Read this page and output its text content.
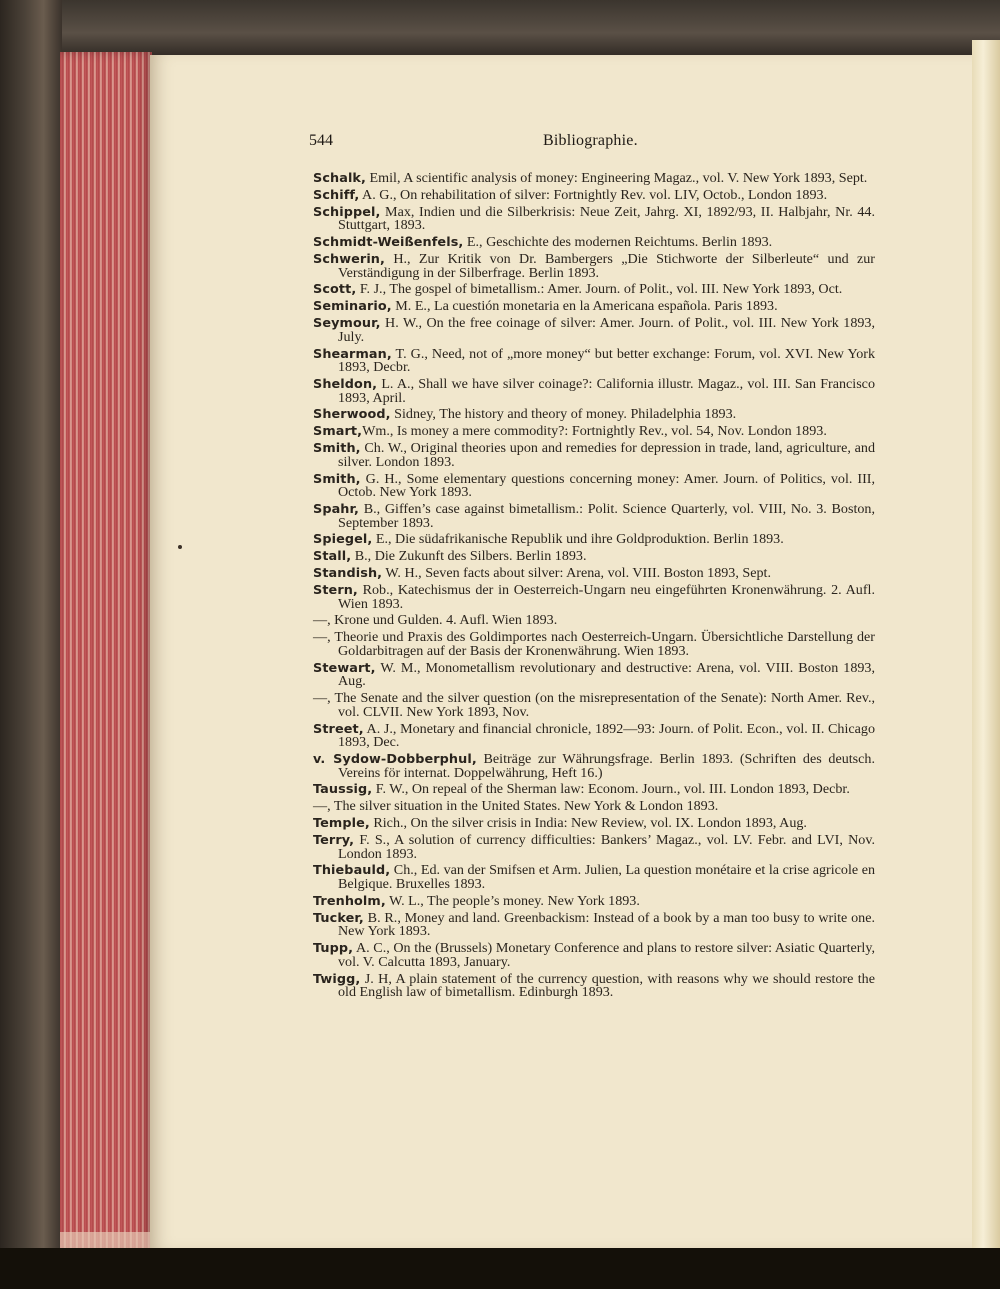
544	Bibliographie.
Schalk, Emil, A scientific analysis of money: Engineering Magaz., vol. V. New York 1893, Sept.
Schiff, A. G., On rehabilitation of silver: Fortnightly Rev. vol. LIV, Octob., London 1893.
Schippel, Max, Indien und die Silberkrisis: Neue Zeit, Jahrg. XI, 1892/93, II. Halbjahr, Nr. 44. Stuttgart, 1893.
Schmidt-Weißenfels, E., Geschichte des modernen Reichtums. Berlin 1893.
Schwerin, H., Zur Kritik von Dr. Bambergers „Die Stichworte der Silberleute“ und zur Verständigung in der Silberfrage. Berlin 1893.
Scott, F. J., The gospel of bimetallism.: Amer. Journ. of Polit., vol. III. New York 1893, Oct.
Seminario, M. E., La cuestión monetaria en la Americana española. Paris 1893.
Seymour, H. W., On the free coinage of silver: Amer. Journ. of Polit., vol. III. New York 1893, July.
Shearman, T. G., Need, not of „more money“ but better exchange: Forum, vol. XVI. New York 1893, Decbr.
Sheldon, L. A., Shall we have silver coinage?: California illustr. Magaz., vol. III. San Francisco 1893, April.
Sherwood, Sidney, The history and theory of money. Philadelphia 1893.
Smart,Wm., Is money a mere commodity?: Fortnightly Rev., vol. 54, Nov. London 1893.
Smith, Ch. W., Original theories upon and remedies for depression in trade, land, agriculture, and silver. London 1893.
Smith, G. H., Some elementary questions concerning money: Amer. Journ. of Politics, vol. III, Octob. New York 1893.
Spahr, B., Giffen’s case against bimetallism.: Polit. Science Quarterly, vol. VIII, No. 3. Boston, September 1893.
Spiegel, E., Die südafrikanische Republik und ihre Goldproduktion. Berlin 1893.
Stall, B., Die Zukunft des Silbers. Berlin 1893.
Standish, W. H., Seven facts about silver: Arena, vol. VIII. Boston 1893, Sept.
Stern, Rob., Katechismus der in Oesterreich-Ungarn neu eingeführten Kronenwährung. 2. Aufl. Wien 1893.
—, Krone und Gulden. 4. Aufl. Wien 1893.
—, Theorie und Praxis des Goldimportes nach Oesterreich-Ungarn. Übersichtliche Darstellung der Goldarbitragen auf der Basis der Kronenwährung. Wien 1893.
Stewart, W. M., Monometallism revolutionary and destructive: Arena, vol. VIII. Boston 1893, Aug.
—, The Senate and the silver question (on the misrepresentation of the Senate): North Amer. Rev., vol. CLVII. New York 1893, Nov.
Street, A. J., Monetary and financial chronicle, 1892—93: Journ. of Polit. Econ., vol. II. Chicago 1893, Dec.
v. Sydow-Dobberphul, Beiträge zur Währungsfrage. Berlin 1893. (Schriften des deutsch. Vereins för internat. Doppelwährung, Heft 16.)
Taussig, F. W., On repeal of the Sherman law: Econom. Journ., vol. III. London 1893, Decbr.
—, The silver situation in the United States. New York & London 1893.
Temple, Rich., On the silver crisis in India: New Review, vol. IX. London 1893, Aug.
Terry, F. S., A solution of currency difficulties: Bankers’ Magaz., vol. LV. Febr. and LVI, Nov. London 1893.
Thiebauld, Ch., Ed. van der Smifsen et Arm. Julien, La question monétaire et la crise agricole en Belgique. Bruxelles 1893.
Trenholm, W. L., The people’s money. New York 1893.
Tucker, B. R., Money and land. Greenbackism: Instead of a book by a man too busy to write one. New York 1893.
Tupp, A. C., On the (Brussels) Monetary Conference and plans to restore silver: Asiatic Quarterly, vol. V. Calcutta 1893, January.
Twigg, J. H, A plain statement of the currency question, with reasons why we should restore the old English law of bimetallism. Edinburgh 1893.
